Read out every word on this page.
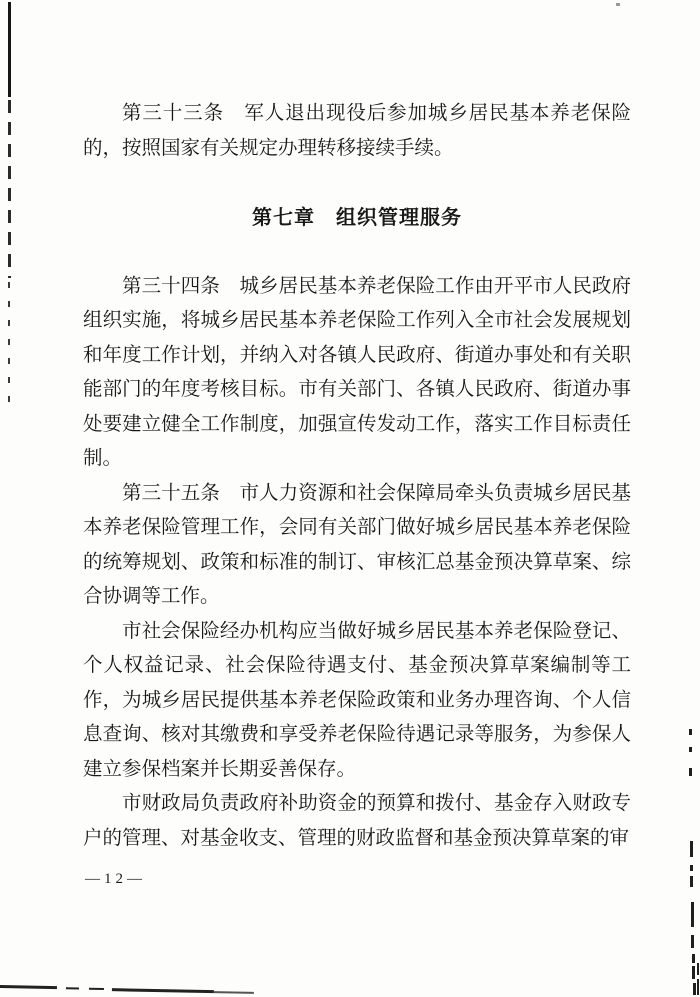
第三十三条　军人退出现役后参加城乡居民基本养老保险的，按照国家有关规定办理转移接续手续。

第七章　组织管理服务

第三十四条　城乡居民基本养老保险工作由开平市人民政府组织实施，将城乡居民基本养老保险工作列入全市社会发展规划和年度工作计划，并纳入对各镇人民政府、街道办事处和有关职能部门的年度考核目标。市有关部门、各镇人民政府、街道办事处要建立健全工作制度，加强宣传发动工作，落实工作目标责任制。

第三十五条　市人力资源和社会保障局牵头负责城乡居民基本养老保险管理工作，会同有关部门做好城乡居民基本养老保险的统筹规划、政策和标准的制订、审核汇总基金预决算草案、综合协调等工作。

市社会保险经办机构应当做好城乡居民基本养老保险登记、个人权益记录、社会保险待遇支付、基金预决算草案编制等工作，为城乡居民提供基本养老保险政策和业务办理咨询、个人信息查询、核对其缴费和享受养老保险待遇记录等服务，为参保人建立参保档案并长期妥善保存。

市财政局负责政府补助资金的预算和拨付、基金存入财政专户的管理、对基金收支、管理的财政监督和基金预决算草案的审

—12—
